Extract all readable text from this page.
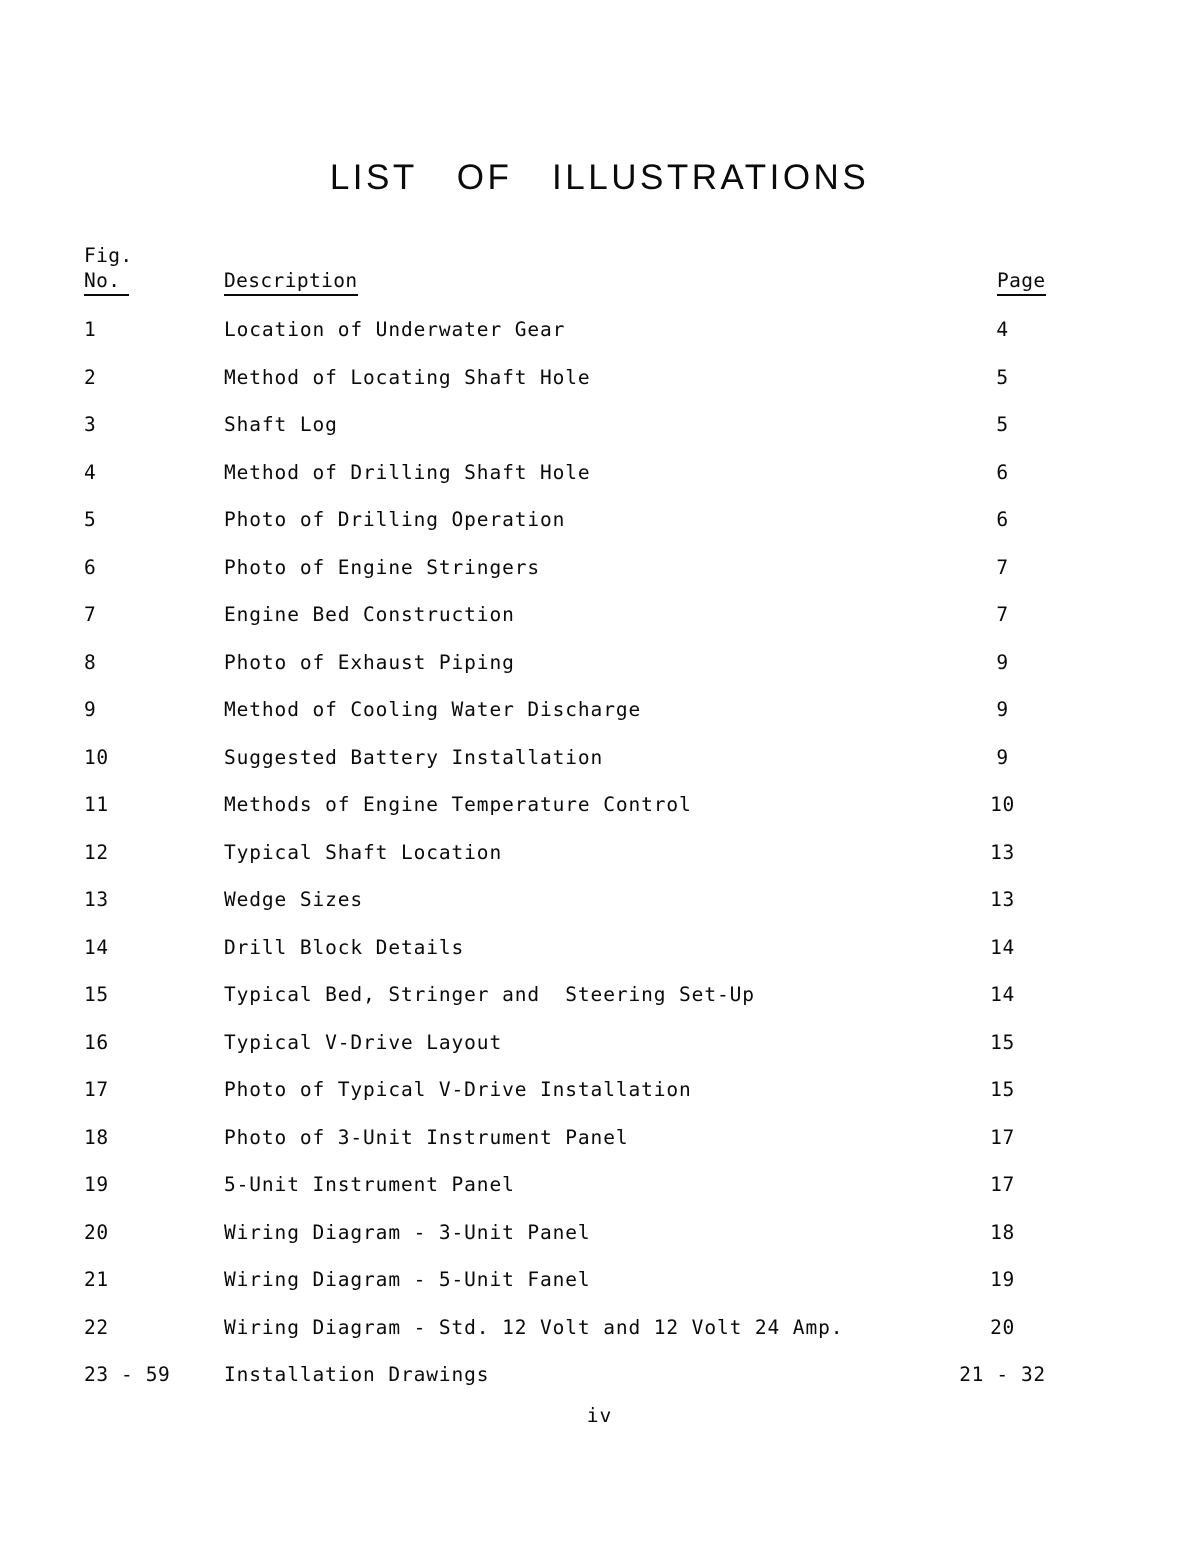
LIST   OF   ILLUSTRATIONS
Fig.
No.	Description	Page
1	Location of Underwater Gear	4
2	Method of Locating Shaft Hole	5
3	Shaft Log	5
4	Method of Drilling Shaft Hole	6
5	Photo of Drilling Operation	6
6	Photo of Engine Stringers	7
7	Engine Bed Construction	7
8	Photo of Exhaust Piping	9
9	Method of Cooling Water Discharge	9
10	Suggested Battery Installation	9
11	Methods of Engine Temperature Control	10
12	Typical Shaft Location	13
13	Wedge Sizes	13
14	Drill Block Details	14
15	Typical Bed, Stringer and  Steering Set-Up	14
16	Typical V-Drive Layout	15
17	Photo of Typical V-Drive Installation	15
18	Photo of 3-Unit Instrument Panel	17
19	5-Unit Instrument Panel	17
20	Wiring Diagram - 3-Unit Panel	18
21	Wiring Diagram - 5-Unit Fanel	19
22	Wiring Diagram - Std. 12 Volt and 12 Volt 24 Amp.	20
23 - 59	Installation Drawings	21 - 32
iv
